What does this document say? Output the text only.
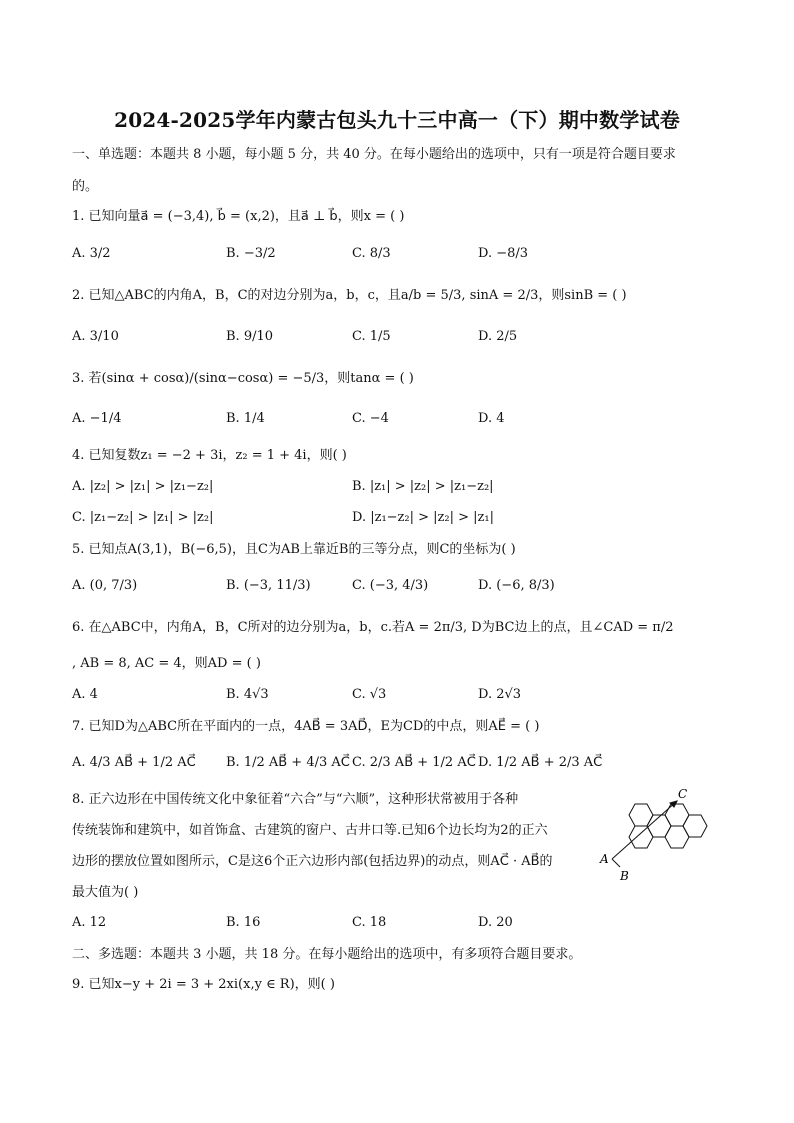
2024-2025学年内蒙古包头九十三中高一（下）期中数学试卷
一、单选题：本题共 8 小题，每小题 5 分，共 40 分。在每小题给出的选项中，只有一项是符合题目要求
的。
1. 已知向量a⃗ = (−3,4), b⃗ = (x,2)，且a⃗ ⊥ b⃗，则x = ( )
A. 3/2	B. −3/2	C. 8/3	D. −8/3
2. 已知△ABC的内角A，B，C的对边分别为a，b，c，且a/b = 5/3, sinA = 2/3，则sinB = ( )
A. 3/10	B. 9/10	C. 1/5	D. 2/5
3. 若(sinα + cosα)/(sinα−cosα) = −5/3，则tanα = ( )
A. −1/4	B. 1/4	C. −4	D. 4
4. 已知复数z₁ = −2 + 3i，z₂ = 1 + 4i，则( )
A. |z₂| > |z₁| > |z₁−z₂|	B. |z₁| > |z₂| > |z₁−z₂|
C. |z₁−z₂| > |z₁| > |z₂|	D. |z₁−z₂| > |z₂| > |z₁|
5. 已知点A(3,1)，B(−6,5)，且C为AB上靠近B的三等分点，则C的坐标为( )
A. (0, 7/3)	B. (−3, 11/3)	C. (−3, 4/3)	D. (−6, 8/3)
6. 在△ABC中，内角A，B，C所对的边分别为a，b，c.若A = 2π/3, D为BC边上的点，且∠CAD = π/2
, AB = 8, AC = 4，则AD = ( )
A. 4	B. 4√3	C. √3	D. 2√3
7. 已知D为△ABC所在平面内的一点，4AB⃗ = 3AD⃗，E为CD的中点，则AE⃗ = ( )
A. 4/3 AB⃗ + 1/2 AC⃗ B. 1/2 AB⃗ + 4/3 AC⃗ C. 2/3 AB⃗ + 1/2 AC⃗ D. 1/2 AB⃗ + 2/3 AC⃗
8. 正六边形在中国传统文化中象征着“六合”与“六顺”，这种形状常被用于各种
传统装饰和建筑中，如首饰盒、古建筑的窗户、古井口等.已知6个边长均为2的正六
边形的摆放位置如图所示，C是这6个正六边形内部(包括边界)的动点，则AC⃗ · AB⃗的
最大值为( )
A
B
C
A. 12	B. 16	C. 18	D. 20
二、多选题：本题共 3 小题，共 18 分。在每小题给出的选项中，有多项符合题目要求。
9. 已知x−y + 2i = 3 + 2xi(x,y ∈ R)，则( )
